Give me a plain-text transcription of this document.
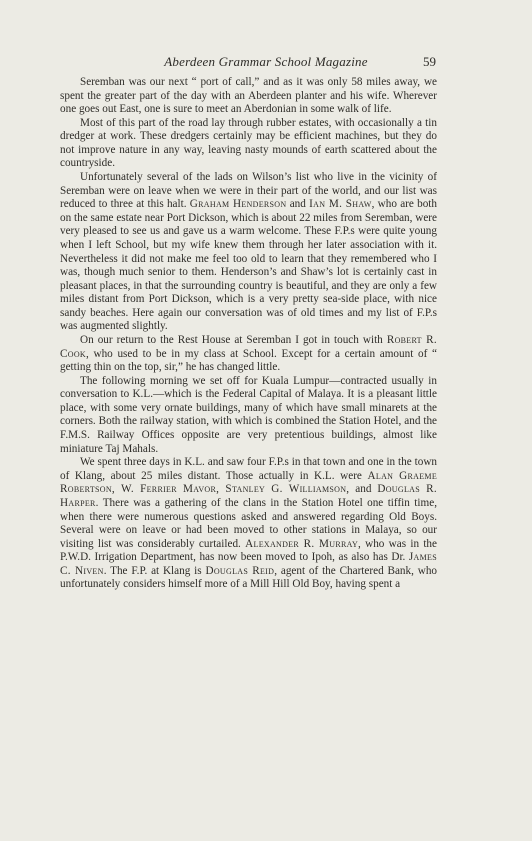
Aberdeen Grammar School Magazine	59

Seremban was our next “ port of call,” and as it was only 58 miles away, we spent the greater part of the day with an Aberdeen planter and his wife. Wherever one goes out East, one is sure to meet an Aberdonian in some walk of life.

Most of this part of the road lay through rubber estates, with occasionally a tin dredger at work. These dredgers certainly may be efficient machines, but they do not improve nature in any way, leaving nasty mounds of earth scattered about the countryside.

Unfortunately several of the lads on Wilson’s list who live in the vicinity of Seremban were on leave when we were in their part of the world, and our list was reduced to three at this halt. Graham Henderson and Ian M. Shaw, who are both on the same estate near Port Dickson, which is about 22 miles from Seremban, were very pleased to see us and gave us a warm welcome. These F.P.s were quite young when I left School, but my wife knew them through her later association with it. Nevertheless it did not make me feel too old to learn that they remembered who I was, though much senior to them. Henderson’s and Shaw’s lot is certainly cast in pleasant places, in that the surrounding country is beautiful, and they are only a few miles distant from Port Dickson, which is a very pretty sea-side place, with nice sandy beaches. Here again our conversation was of old times and my list of F.P.s was augmented slightly.

On our return to the Rest House at Seremban I got in touch with Robert R. Cook, who used to be in my class at School. Except for a certain amount of “ getting thin on the top, sir,” he has changed little.

The following morning we set off for Kuala Lumpur—contracted usually in conversation to K.L.—which is the Federal Capital of Malaya. It is a pleasant little place, with some very ornate buildings, many of which have small minarets at the corners. Both the railway station, with which is combined the Station Hotel, and the F.M.S. Railway Offices opposite are very pretentious buildings, almost like miniature Taj Mahals.

We spent three days in K.L. and saw four F.P.s in that town and one in the town of Klang, about 25 miles distant. Those actually in K.L. were Alan Graeme Robertson, W. Ferrier Mavor, Stanley G. Williamson, and Douglas R. Harper. There was a gathering of the clans in the Station Hotel one tiffin time, when there were numerous questions asked and answered regarding Old Boys. Several were on leave or had been moved to other stations in Malaya, so our visiting list was considerably curtailed. Alexander R. Murray, who was in the P.W.D. Irrigation Department, has now been moved to Ipoh, as also has Dr. James C. Niven. The F.P. at Klang is Douglas Reid, agent of the Chartered Bank, who unfortunately considers himself more of a Mill Hill Old Boy, having spent a
